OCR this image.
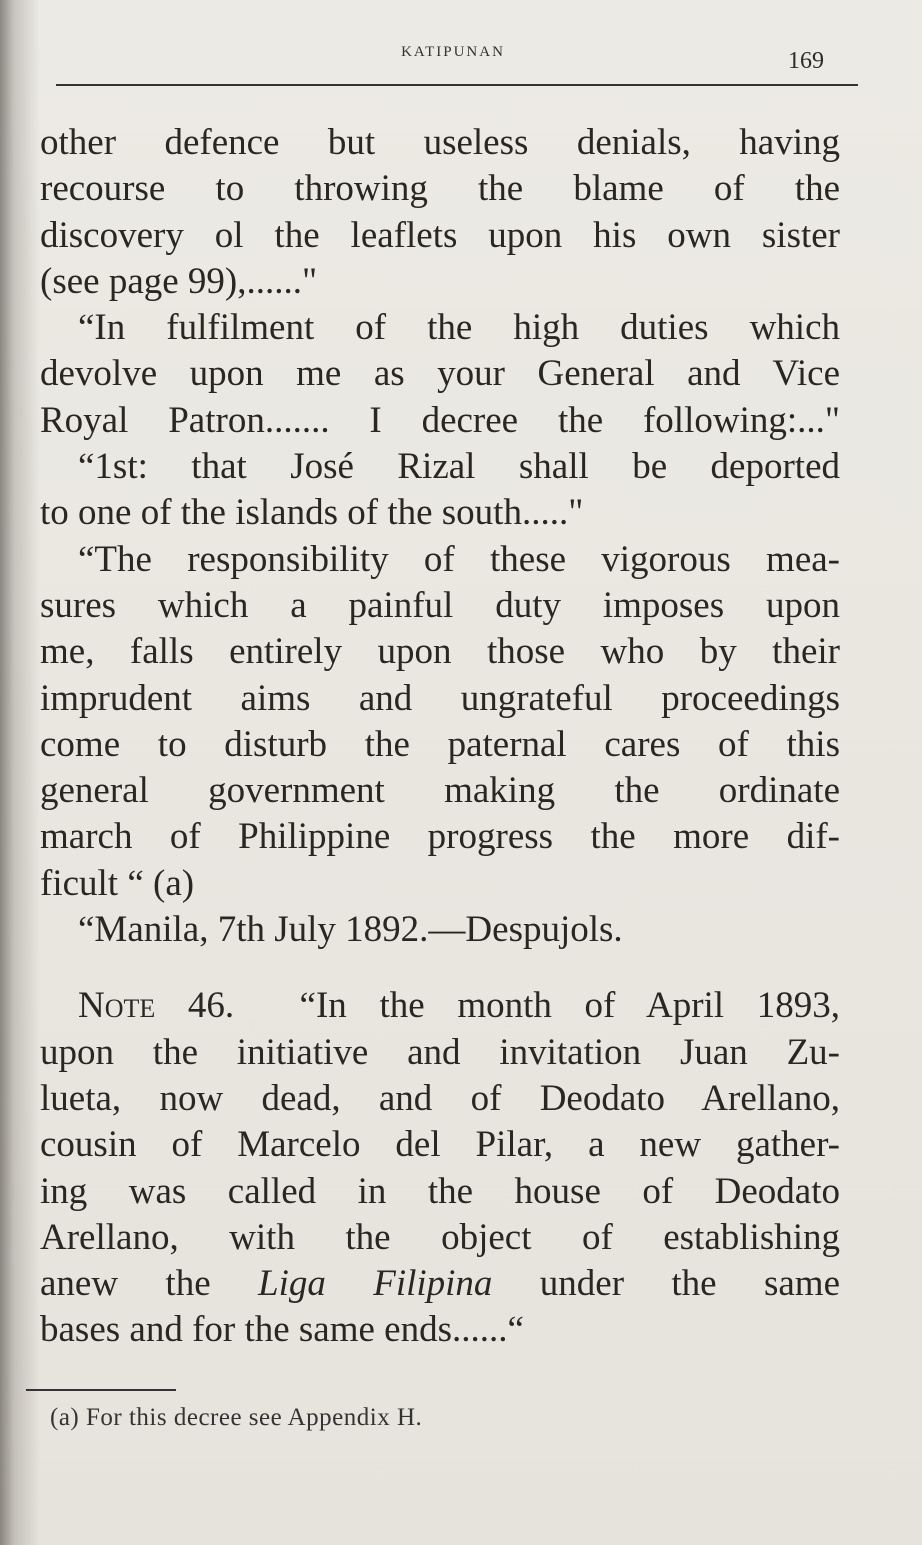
KATIPUNAN	169
other defence but useless denials, having
recourse to throwing the blame of the
discovery ol the leaflets upon his own sister
(see page 99),......"
“In fulfilment of the high duties which
devolve upon me as your General and Vice
Royal Patron....... I decree the following:..."
“1st: that José Rizal shall be deported
to one of the islands of the south....."
“The responsibility of these vigorous mea-
sures which a painful duty imposes upon
me, falls entirely upon those who by their
imprudent aims and ungrateful proceedings
come to disturb the paternal cares of this
general government making the ordinate
march of Philippine progress the more dif-
ficult “ (a)
“Manila, 7th July 1892.—Despujols.
Note 46. “In the month of April 1893,
upon the initiative and invitation Juan Zu-
lueta, now dead, and of Deodato Arellano,
cousin of Marcelo del Pilar, a new gather-
ing was called in the house of Deodato
Arellano, with the object of establishing
anew the Liga Filipina under the same
bases and for the same ends......“
(a) For this decree see Appendix H.
